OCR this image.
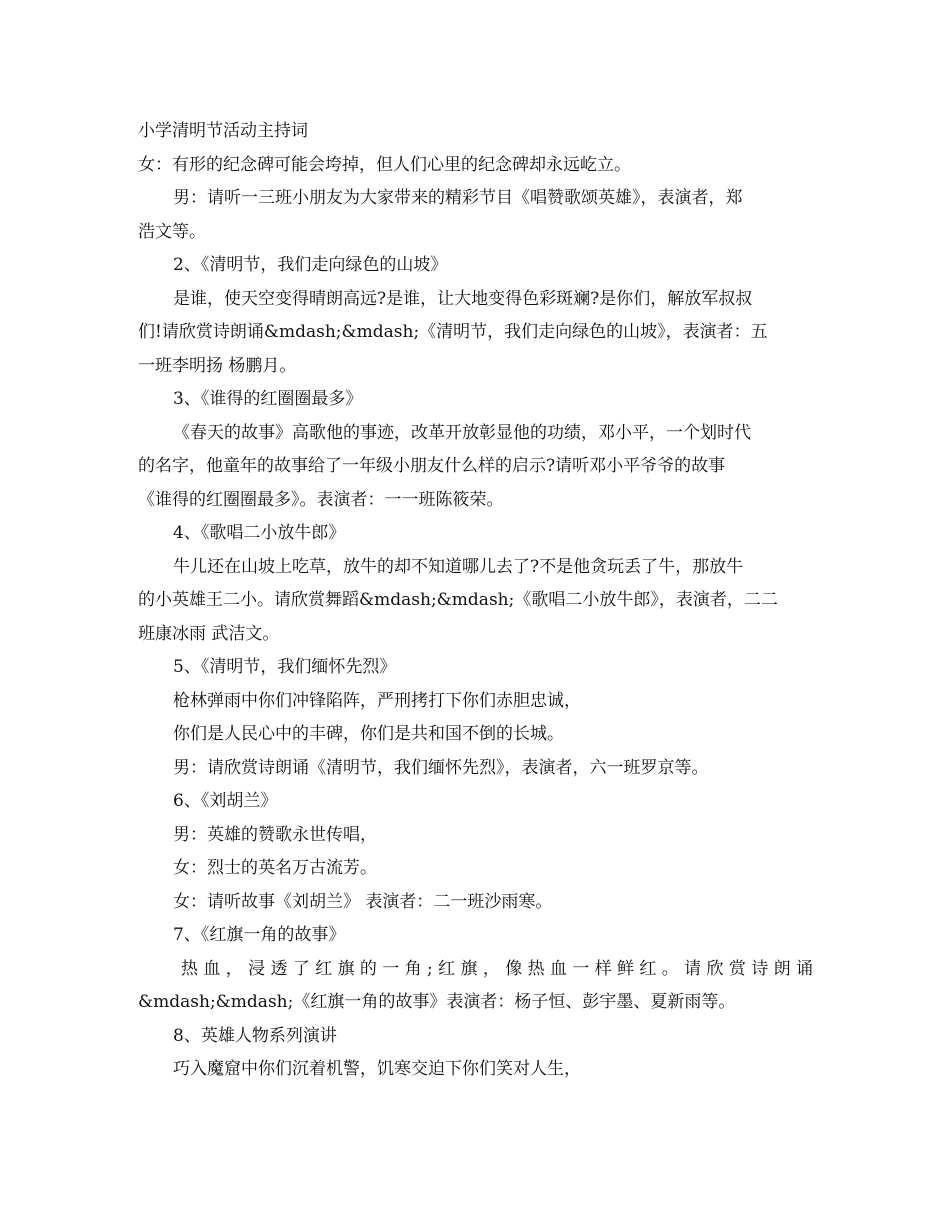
小学清明节活动主持词

女：有形的纪念碑可能会垮掉，但人们心里的纪念碑却永远屹立。

男：请听一三班小朋友为大家带来的精彩节目《唱赞歌颂英雄》，表演者，郑

浩文等。

2、《清明节，我们走向绿色的山坡》

是谁，使天空变得晴朗高远?是谁，让大地变得色彩斑斓?是你们，解放军叔叔

们!请欣赏诗朗诵&mdash;&mdash;《清明节，我们走向绿色的山坡》，表演者：五

一班李明扬 杨鹏月。

3、《谁得的红圈圈最多》

《春天的故事》高歌他的事迹，改革开放彰显他的功绩，邓小平，一个划时代

的名字，他童年的故事给了一年级小朋友什么样的启示?请听邓小平爷爷的故事

《谁得的红圈圈最多》。表演者：一一班陈筱荣。

4、《歌唱二小放牛郎》

牛儿还在山坡上吃草，放牛的却不知道哪儿去了?不是他贪玩丢了牛，那放牛

的小英雄王二小。请欣赏舞蹈&mdash;&mdash;《歌唱二小放牛郎》，表演者，二二

班康冰雨 武洁文。

5、《清明节，我们缅怀先烈》

枪林弹雨中你们冲锋陷阵，严刑拷打下你们赤胆忠诚，

你们是人民心中的丰碑，你们是共和国不倒的长城。

男：请欣赏诗朗诵《清明节，我们缅怀先烈》，表演者，六一班罗京等。

6、《刘胡兰》

男：英雄的赞歌永世传唱，

女：烈士的英名万古流芳。

女：请听故事《刘胡兰》 表演者：二一班沙雨寒。

7、《红旗一角的故事》

热血，浸透了红旗的一角;红旗，像热血一样鲜红。请欣赏诗朗诵

&mdash;&mdash;《红旗一角的故事》表演者：杨子恒、彭宇墨、夏新雨等。

8、英雄人物系列演讲

巧入魔窟中你们沉着机警，饥寒交迫下你们笑对人生，
